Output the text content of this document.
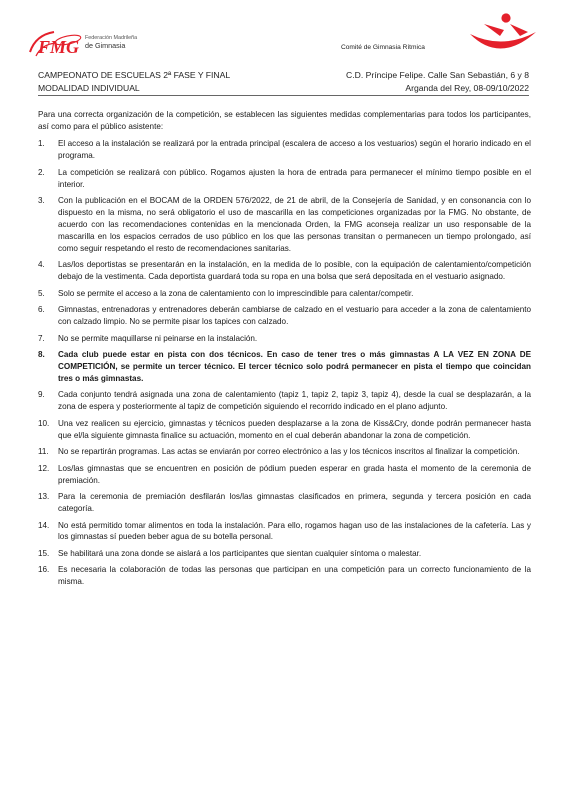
FMG Federación Madrileña
de Gimnasia	Comité de Gimnasia Rítmica
CAMPEONATO DE ESCUELAS 2ª FASE Y FINAL
MODALIDAD INDIVIDUAL
C.D. Príncipe Felipe. Calle San Sebastián, 6 y 8
Arganda del Rey, 08-09/10/2022

Para una correcta organización de la competición, se establecen las siguientes medidas complementarias para todos los participantes, así como para el público asistente:

1. El acceso a la instalación se realizará por la entrada principal (escalera de acceso a los vestuarios) según el horario indicado en el programa.
2. La competición se realizará con público. Rogamos ajusten la hora de entrada para permanecer el mínimo tiempo posible en el interior.
3. Con la publicación en el BOCAM de la ORDEN 576/2022, de 21 de abril, de la Consejería de Sanidad, y en consonancia con lo dispuesto en la misma, no será obligatorio el uso de mascarilla en las competiciones organizadas por la FMG. No obstante, de acuerdo con las recomendaciones contenidas en la mencionada Orden, la FMG aconseja realizar un uso responsable de la mascarilla en los espacios cerrados de uso público en los que las personas transitan o permanecen un tiempo prolongado, así como seguir respetando el resto de recomendaciones sanitarias.
4. Las/los deportistas se presentarán en la instalación, en la medida de lo posible, con la equipación de calentamiento/competición debajo de la vestimenta. Cada deportista guardará toda su ropa en una bolsa que será depositada en el vestuario asignado.
5. Solo se permite el acceso a la zona de calentamiento con lo imprescindible para calentar/competir.
6. Gimnastas, entrenadoras y entrenadores deberán cambiarse de calzado en el vestuario para acceder a la zona de calentamiento con calzado limpio. No se permite pisar los tapices con calzado.
7. No se permite maquillarse ni peinarse en la instalación.
8. Cada club puede estar en pista con dos técnicos. En caso de tener tres o más gimnastas A LA VEZ EN ZONA DE COMPETICIÓN, se permite un tercer técnico. El tercer técnico solo podrá permanecer en pista el tiempo que coincidan tres o más gimnastas.
9. Cada conjunto tendrá asignada una zona de calentamiento (tapiz 1, tapiz 2, tapiz 3, tapiz 4), desde la cual se desplazarán, a la zona de espera y posteriormente al tapiz de competición siguiendo el recorrido indicado en el plano adjunto.
10. Una vez realicen su ejercicio, gimnastas y técnicos pueden desplazarse a la zona de Kiss&Cry, donde podrán permanecer hasta que el/la siguiente gimnasta finalice su actuación, momento en el cual deberán abandonar la zona de competición.
11. No se repartirán programas. Las actas se enviarán por correo electrónico a las y los técnicos inscritos al finalizar la competición.
12. Los/las gimnastas que se encuentren en posición de pódium pueden esperar en grada hasta el momento de la ceremonia de premiación.
13. Para la ceremonia de premiación desfilarán los/las gimnastas clasificados en primera, segunda y tercera posición en cada categoría.
14. No está permitido tomar alimentos en toda la instalación. Para ello, rogamos hagan uso de las instalaciones de la cafetería. Las y los gimnastas sí pueden beber agua de su botella personal.
15. Se habilitará una zona donde se aislará a los participantes que sientan cualquier síntoma o malestar.
16. Es necesaria la colaboración de todas las personas que participan en una competición para un correcto funcionamiento de la misma.
